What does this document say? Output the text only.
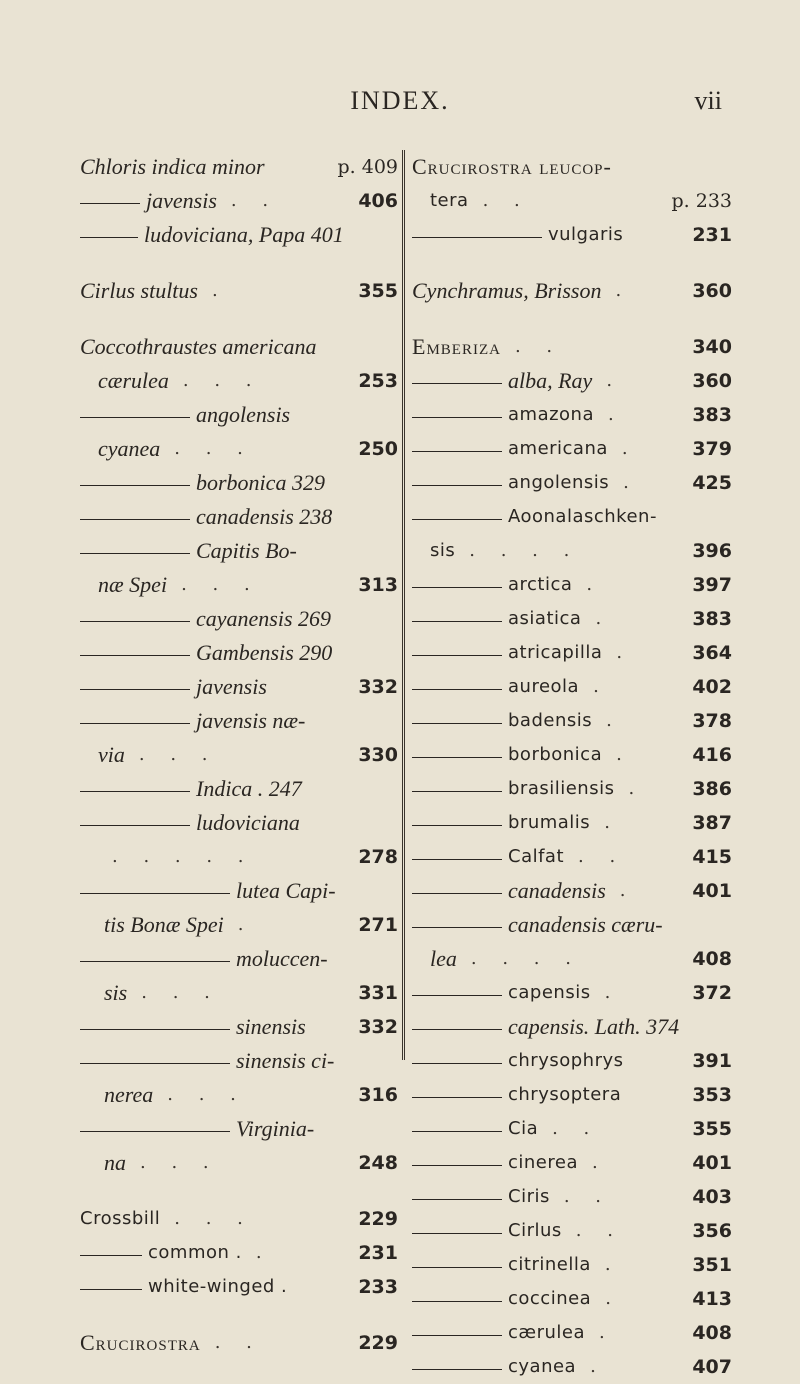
INDEX.	vii
Chloris indica minor	p. 409
javensis . .	406
ludoviciana, Papa 401
Cirlus stultus .	355
Coccothraustes americana
cærulea . . .	253
angolensis
cyanea . . .	250
borbonica 329
canadensis 238
Capitis Bo-
næ Spei . . .	313
cayanensis 269
Gambensis 290
javensis	332
javensis næ-
via . . .	330
Indica . 247
ludoviciana
. . . . .	278
lutea Capi-
tis Bonæ Spei .	271
moluccen-
sis . . .	331
sinensis	332
sinensis ci-
nerea . . .	316
Virginia-
na . . .	248
Crossbill . . .	229
common . .	231
white-winged .	233
Crucirostra . .	229
Crucirostra leucop-
tera . .	p. 233
vulgaris	231
Cynchramus, Brisson .	360
Emberiza . .	340
alba, Ray .	360
amazona .	383
americana .	379
angolensis .	425
Aoonalaschken-
sis . . . .	396
arctica .	397
asiatica .	383
atricapilla .	364
aureola .	402
badensis .	378
borbonica .	416
brasiliensis .	386
brumalis .	387
Calfat . .	415
canadensis .	401
canadensis cæru-
lea . . . .	408
capensis .	372
capensis. Lath. 374
chrysophrys	391
chrysoptera	353
Cia . .	355
cinerea .	401
Ciris . .	403
Cirlus . .	356
citrinella .	351
coccinea .	413
cærulea .	408
cyanea .	407
